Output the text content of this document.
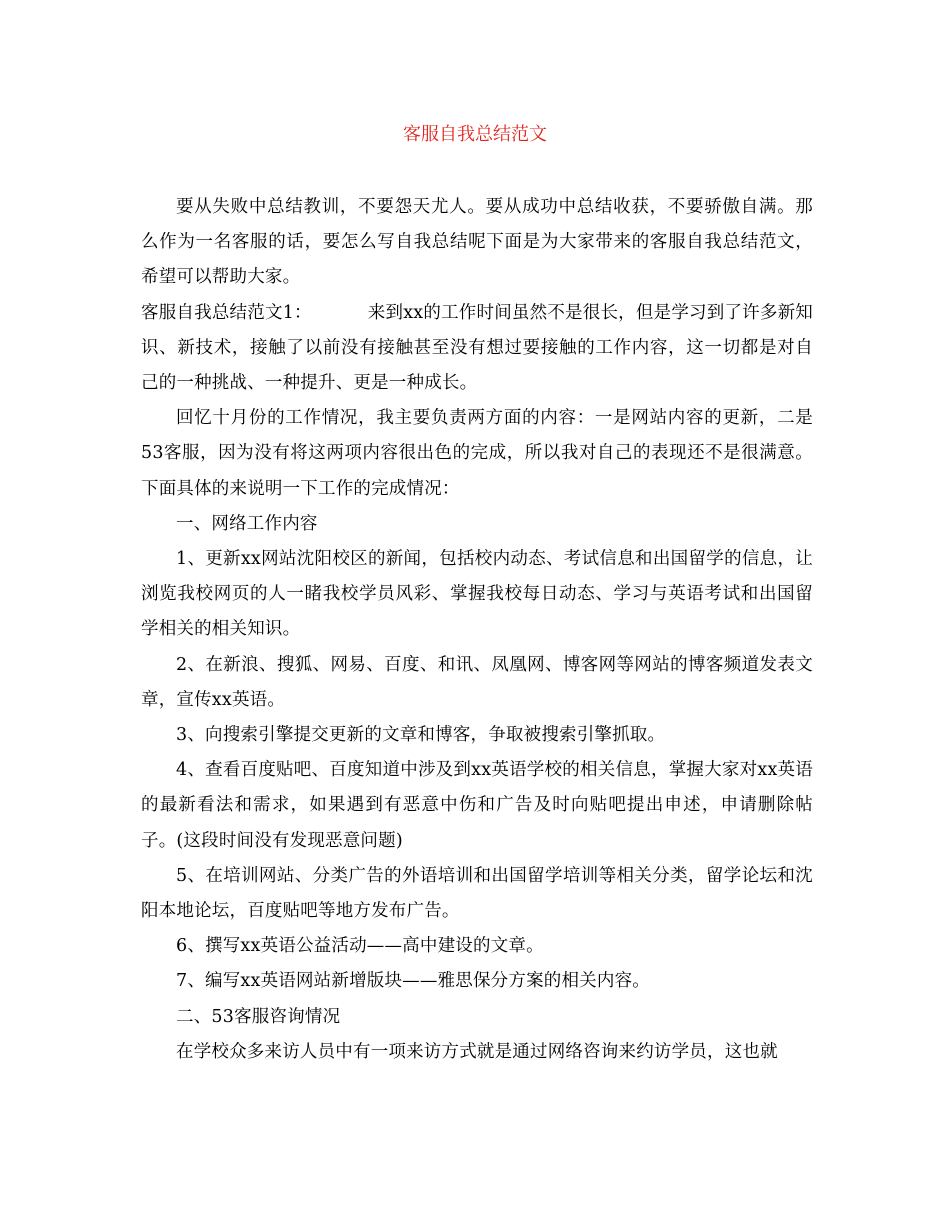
客服自我总结范文

要从失败中总结教训，不要怨天尤人。要从成功中总结收获，不要骄傲自满。那么作为一名客服的话，要怎么写自我总结呢下面是为大家带来的客服自我总结范文，希望可以帮助大家。

客服自我总结范文1：	来到xx的工作时间虽然不是很长，但是学习到了许多新知识、新技术，接触了以前没有接触甚至没有想过要接触的工作内容，这一切都是对自己的一种挑战、一种提升、更是一种成长。

回忆十月份的工作情况，我主要负责两方面的内容：一是网站内容的更新，二是53客服，因为没有将这两项内容很出色的完成，所以我对自己的表现还不是很满意。下面具体的来说明一下工作的完成情况：

一、网络工作内容

1、更新xx网站沈阳校区的新闻，包括校内动态、考试信息和出国留学的信息，让浏览我校网页的人一睹我校学员风彩、掌握我校每日动态、学习与英语考试和出国留学相关的相关知识。

2、在新浪、搜狐、网易、百度、和讯、凤凰网、博客网等网站的博客频道发表文章，宣传xx英语。

3、向搜索引擎提交更新的文章和博客，争取被搜索引擎抓取。

4、查看百度贴吧、百度知道中涉及到xx英语学校的相关信息，掌握大家对xx英语的最新看法和需求，如果遇到有恶意中伤和广告及时向贴吧提出申述，申请删除帖子。(这段时间没有发现恶意问题)

5、在培训网站、分类广告的外语培训和出国留学培训等相关分类，留学论坛和沈阳本地论坛，百度贴吧等地方发布广告。

6、撰写xx英语公益活动——高中建设的文章。

7、编写xx英语网站新增版块——雅思保分方案的相关内容。

二、53客服咨询情况

在学校众多来访人员中有一项来访方式就是通过网络咨询来约访学员，这也就
